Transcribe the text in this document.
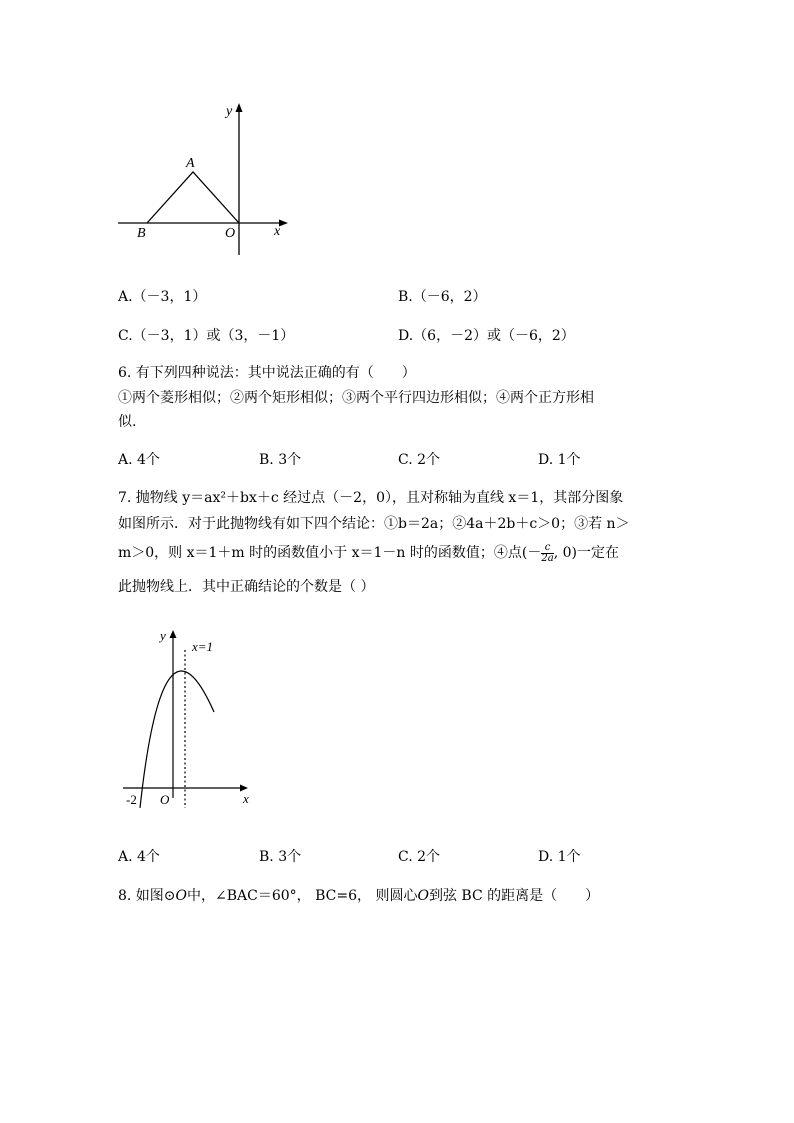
y
x
A
B	O
A.（－3，1）	B.（－6，2）
C.（－3，1）或（3，－1）	D.（6，－2）或（－6，2）
6. 有下列四种说法：其中说法正确的有（　　）
①两个菱形相似；②两个矩形相似；③两个平行四边形相似；④两个正方形相
似.
A. 4个	B. 3个	C. 2个	D. 1个
7. 抛物线 y＝ax²＋bx＋c 经过点（－2，0），且对称轴为直线 x＝1，其部分图象
如图所示．对于此抛物线有如下四个结论：①b＝2a；②4a＋2b＋c＞0；③若 n＞
m＞0，则 x＝1＋m 时的函数值小于 x＝1－n 时的函数值；④点(－ $\frac{c}{2a}$ , 0)一定在
此抛物线上．其中正确结论的个数是（ ）
y
x=1
-2 O	x
A. 4个	B. 3个	C. 2个	D. 1个
8. 如图⊙O中，∠BAC＝60°， BC=6， 则圆心O到弦 BC 的距离是（　　）
